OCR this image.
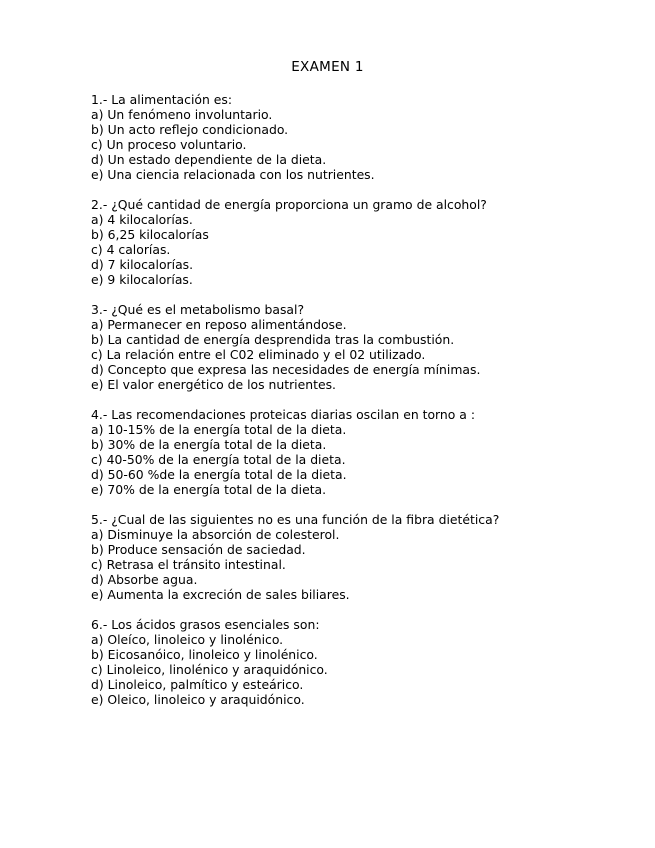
EXAMEN 1
1.- La alimentación es:
a) Un fenómeno involuntario.
b) Un acto reflejo condicionado.
c) Un proceso voluntario.
d) Un estado dependiente de la dieta.
e) Una ciencia relacionada con los nutrientes.
2.- ¿Qué cantidad de energía proporciona un gramo de alcohol?
a) 4 kilocalorías.
b) 6,25 kilocalorías
c) 4 calorías.
d) 7 kilocalorías.
e) 9 kilocalorías.
3.- ¿Qué es el metabolismo basal?
a) Permanecer en reposo alimentándose.
b) La cantidad de energía desprendida tras la combustión.
c) La relación entre el C02 eliminado y el 02 utilizado.
d) Concepto que expresa las necesidades de energía mínimas.
e) El valor energético de los nutrientes.
4.- Las recomendaciones proteicas diarias oscilan en torno a :
a) 10-15% de la energía total de la dieta.
b) 30% de la energía total de la dieta.
c) 40-50% de la energía total de la dieta.
d) 50-60 %de la energía total de la dieta.
e) 70% de la energía total de la dieta.
5.- ¿Cual de las siguientes no es una función de la fibra dietética?
a) Disminuye la absorción de colesterol.
b) Produce sensación de saciedad.
c) Retrasa el tránsito intestinal.
d) Absorbe agua.
e) Aumenta la excreción de sales biliares.
6.- Los ácidos grasos esenciales son:
a) Oleíco, linoleico y linolénico.
b) Eicosanóico, linoleico y linolénico.
c) Linoleico, linolénico y araquidónico.
d) Linoleico, palmítico y esteárico.
e) Oleico, linoleico y araquidónico.
